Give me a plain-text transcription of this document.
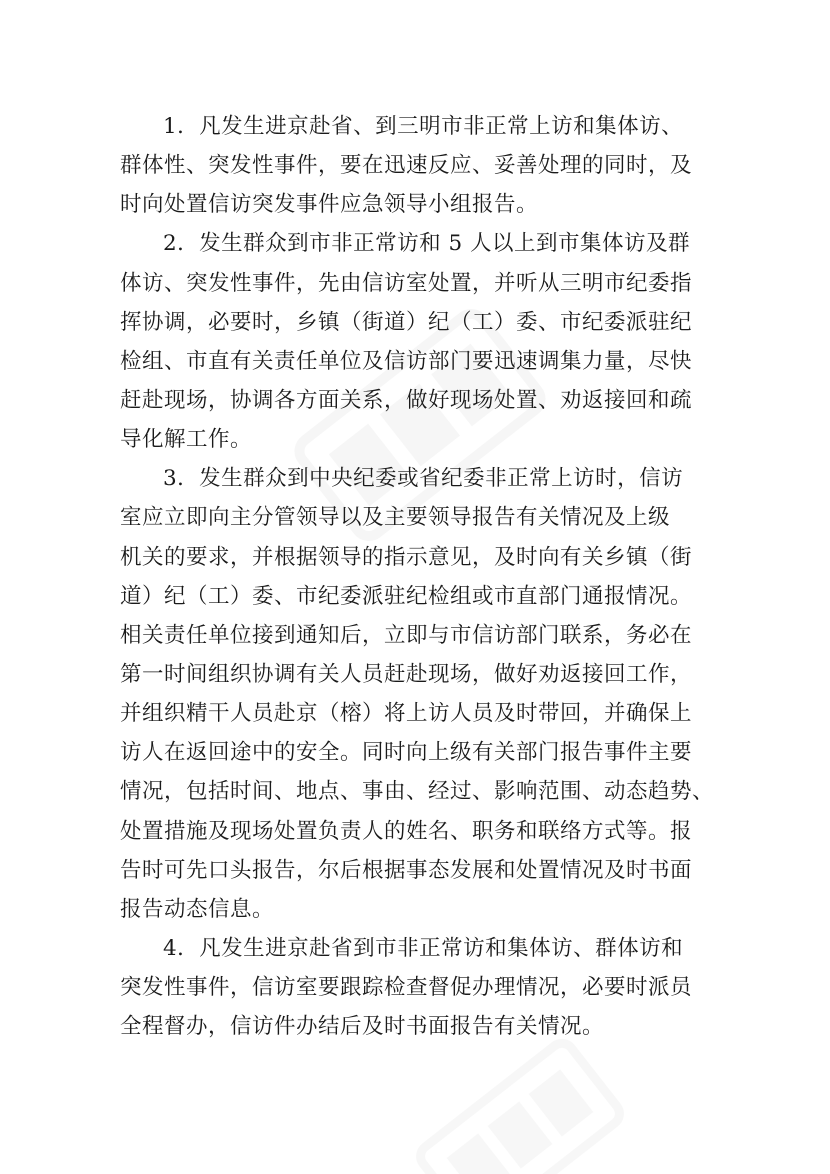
1．凡发生进京赴省、到三明市非正常上访和集体访、
群体性、突发性事件，要在迅速反应、妥善处理的同时，及
时向处置信访突发事件应急领导小组报告。
2．发生群众到市非正常访和 5 人以上到市集体访及群
体访、突发性事件，先由信访室处置，并听从三明市纪委指
挥协调，必要时，乡镇（街道）纪（工）委、市纪委派驻纪
检组、市直有关责任单位及信访部门要迅速调集力量，尽快
赶赴现场，协调各方面关系，做好现场处置、劝返接回和疏
导化解工作。
3．发生群众到中央纪委或省纪委非正常上访时，信访
室应立即向主分管领导以及主要领导报告有关情况及上级
机关的要求，并根据领导的指示意见，及时向有关乡镇（街
道）纪（工）委、市纪委派驻纪检组或市直部门通报情况。
相关责任单位接到通知后，立即与市信访部门联系，务必在
第一时间组织协调有关人员赶赴现场，做好劝返接回工作，
并组织精干人员赴京（榕）将上访人员及时带回，并确保上
访人在返回途中的安全。同时向上级有关部门报告事件主要
情况，包括时间、地点、事由、经过、影响范围、动态趋势、
处置措施及现场处置负责人的姓名、职务和联络方式等。报
告时可先口头报告，尔后根据事态发展和处置情况及时书面
报告动态信息。
4．凡发生进京赴省到市非正常访和集体访、群体访和
突发性事件，信访室要跟踪检查督促办理情况，必要时派员
全程督办，信访件办结后及时书面报告有关情况。
